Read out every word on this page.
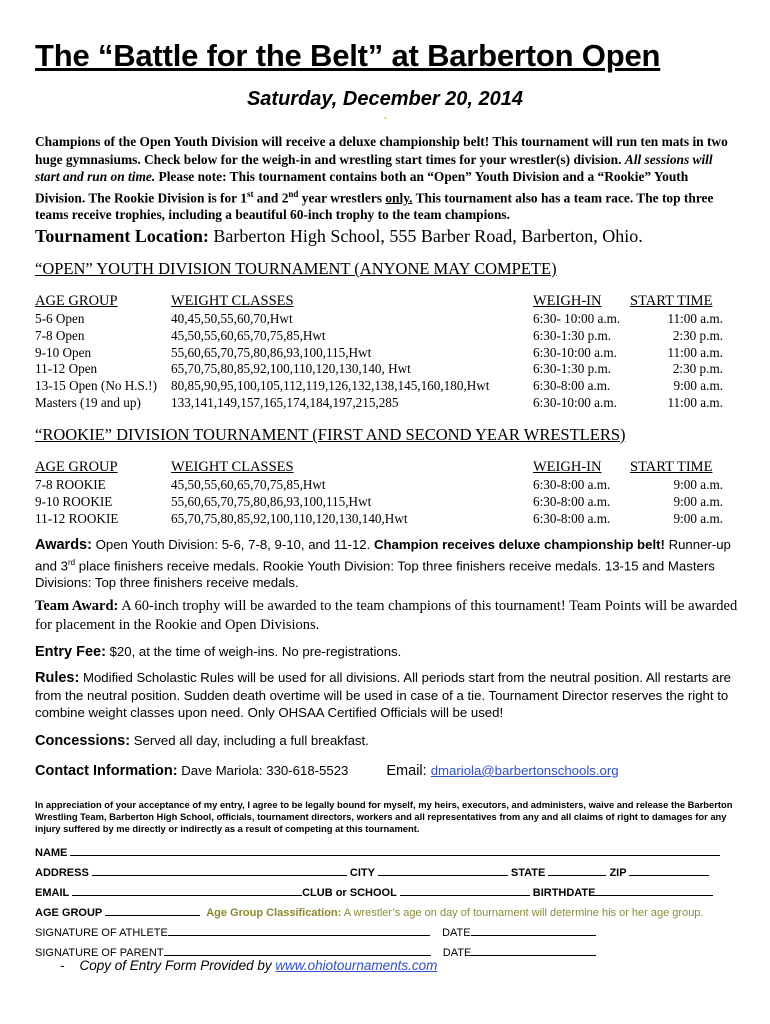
The “Battle for the Belt” at Barberton Open
Saturday, December 20, 2014
•
Champions of the Open Youth Division will receive a deluxe championship belt! This tournament will run ten mats in two huge gymnasiums. Check below for the weigh-in and wrestling start times for your wrestler(s) division. All sessions will start and run on time. Please note: This tournament contains both an “Open” Youth Division and a “Rookie” Youth Division. The Rookie Division is for 1st and 2nd year wrestlers only. This tournament also has a team race. The top three teams receive trophies, including a beautiful 60-inch trophy to the team champions.
Tournament Location: Barberton High School, 555 Barber Road, Barberton, Ohio.
“OPEN” YOUTH DIVISION TOURNAMENT (ANYONE MAY COMPETE)
AGE GROUP	WEIGHT CLASSES	WEIGH-IN	START TIME
5-6 Open	40,45,50,55,60,70,Hwt	6:30- 10:00 a.m.	11:00 a.m.
7-8 Open	45,50,55,60,65,70,75,85,Hwt	6:30-1:30 p.m.	2:30 p.m.
9-10 Open	55,60,65,70,75,80,86,93,100,115,Hwt	6:30-10:00 a.m.	11:00 a.m.
11-12 Open	65,70,75,80,85,92,100,110,120,130,140, Hwt	6:30-1:30 p.m.	2:30 p.m.
13-15 Open (No H.S.!)	80,85,90,95,100,105,112,119,126,132,138,145,160,180,Hwt	6:30-8:00 a.m.	9:00 a.m.
Masters (19 and up)	133,141,149,157,165,174,184,197,215,285	6:30-10:00 a.m.	11:00 a.m.
“ROOKIE” DIVISION TOURNAMENT (FIRST AND SECOND YEAR WRESTLERS)
AGE GROUP	WEIGHT CLASSES	WEIGH-IN	START TIME
7-8 ROOKIE	45,50,55,60,65,70,75,85,Hwt	6:30-8:00 a.m.	9:00 a.m.
9-10 ROOKIE	55,60,65,70,75,80,86,93,100,115,Hwt	6:30-8:00 a.m.	9:00 a.m.
11-12 ROOKIE	65,70,75,80,85,92,100,110,120,130,140,Hwt	6:30-8:00 a.m.	9:00 a.m.
Awards: Open Youth Division: 5-6, 7-8, 9-10, and 11-12. Champion receives deluxe championship belt! Runner-up and 3rd place finishers receive medals. Rookie Youth Division: Top three finishers receive medals. 13-15 and Masters Divisions: Top three finishers receive medals.
Team Award: A 60-inch trophy will be awarded to the team champions of this tournament! Team Points will be awarded for placement in the Rookie and Open Divisions.
Entry Fee: $20, at the time of weigh-ins. No pre-registrations.
Rules: Modified Scholastic Rules will be used for all divisions. All periods start from the neutral position. All restarts are from the neutral position. Sudden death overtime will be used in case of a tie. Tournament Director reserves the right to combine weight classes upon need. Only OHSAA Certified Officials will be used!
Concessions: Served all day, including a full breakfast.
Contact Information: Dave Mariola: 330-618-5523	Email: dmariola@barbertonschools.org
In appreciation of your acceptance of my entry, I agree to be legally bound for myself, my heirs, executors, and administers, waive and release the Barberton Wrestling Team, Barberton High School, officials, tournament directors, workers and all representatives from any and all claims of right to damages for any injury suffered by me directly or indirectly as a result of competing at this tournament.
NAME
ADDRESS	CITY	STATE	ZIP
EMAIL	CLUB or SCHOOL	BIRTHDATE
AGE GROUP	Age Group Classification: A wrestler’s age on day of tournament will determine his or her age group.
SIGNATURE OF ATHLETE	DATE
SIGNATURE OF PARENT	DATE
- Copy of Entry Form Provided by www.ohiotournaments.com
